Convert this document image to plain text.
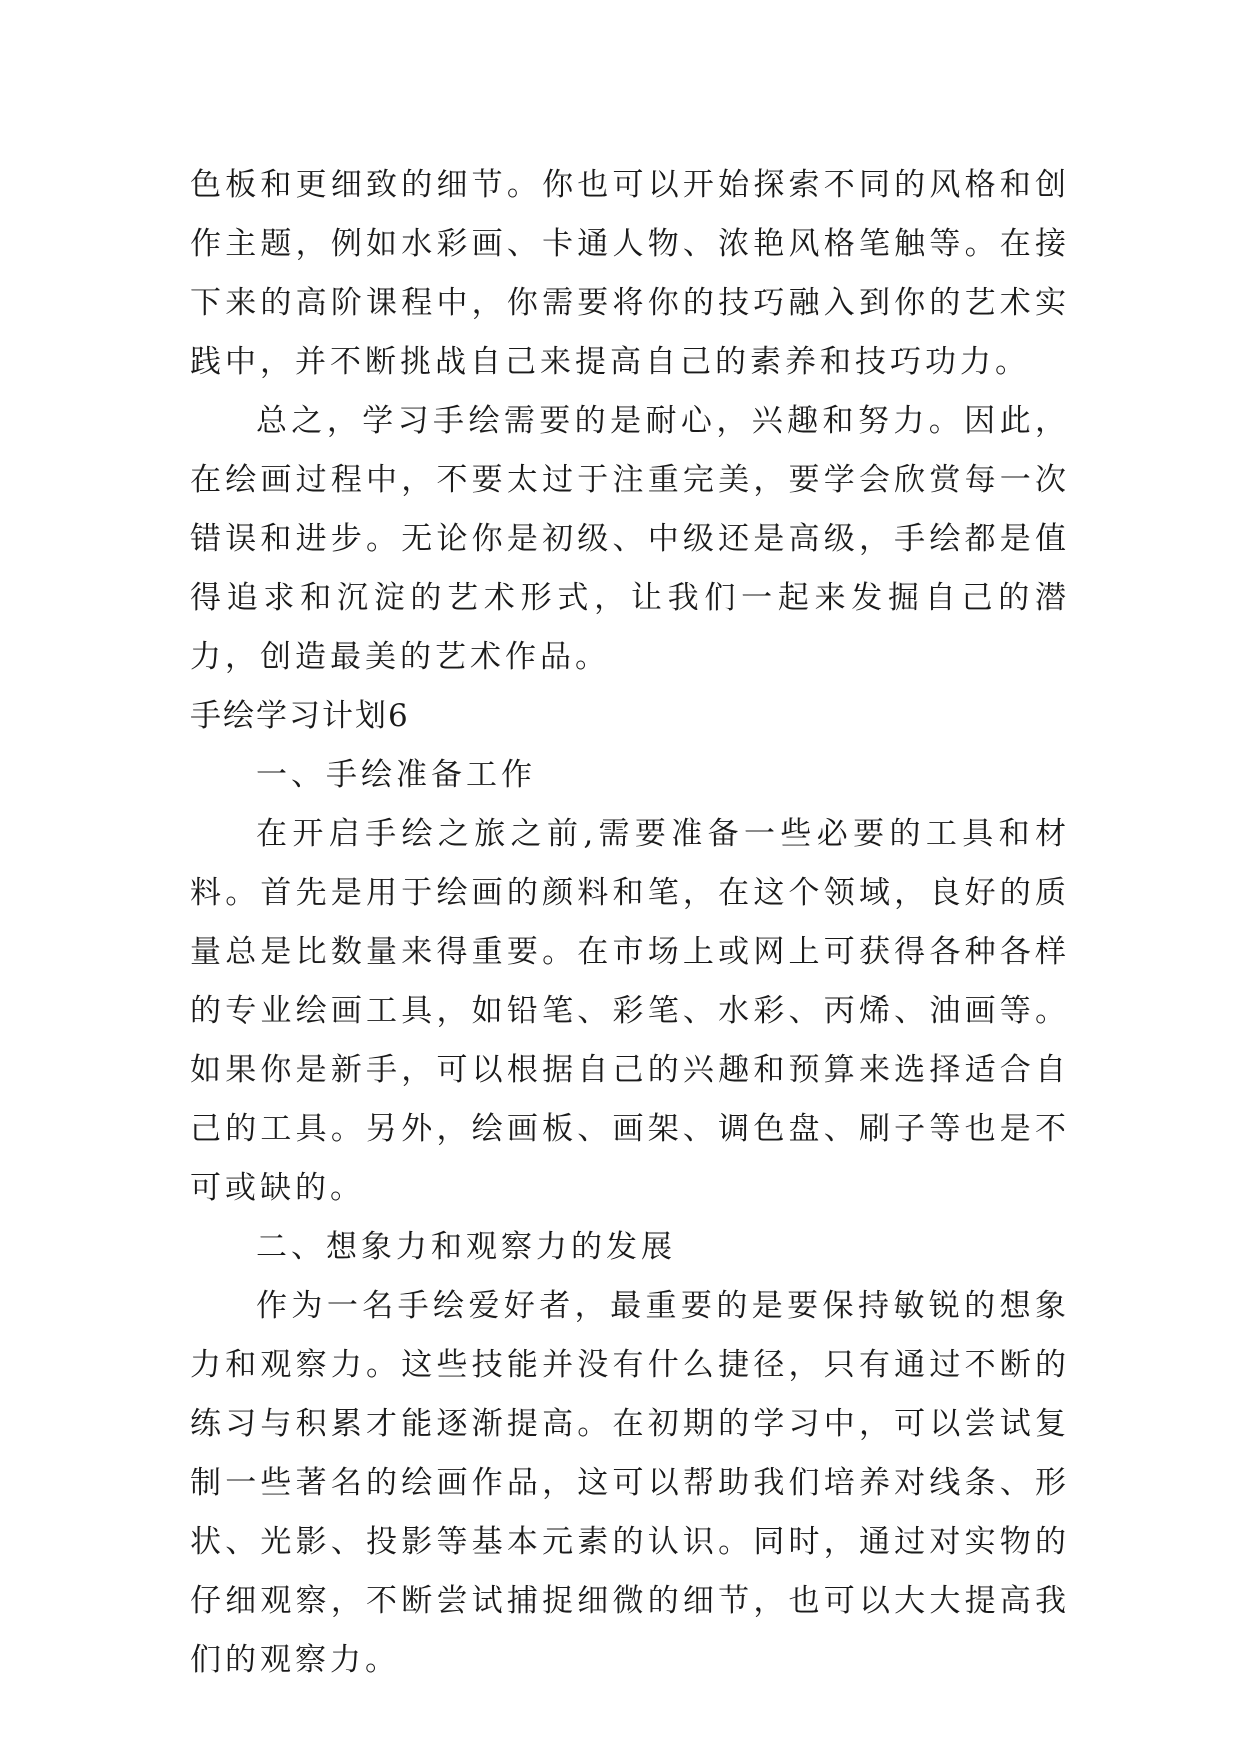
色板和更细致的细节。你也可以开始探索不同的风格和创作主题，例如水彩画、卡通人物、浓艳风格笔触等。在接下来的高阶课程中，你需要将你的技巧融入到你的艺术实践中，并不断挑战自己来提高自己的素养和技巧功力。

总之，学习手绘需要的是耐心，兴趣和努力。因此，在绘画过程中，不要太过于注重完美，要学会欣赏每一次错误和进步。无论你是初级、中级还是高级，手绘都是值得追求和沉淀的艺术形式，让我们一起来发掘自己的潜力，创造最美的艺术作品。

手绘学习计划6

一、手绘准备工作

在开启手绘之旅之前,需要准备一些必要的工具和材料。首先是用于绘画的颜料和笔，在这个领域，良好的质量总是比数量来得重要。在市场上或网上可获得各种各样的专业绘画工具，如铅笔、彩笔、水彩、丙烯、油画等。如果你是新手，可以根据自己的兴趣和预算来选择适合自己的工具。另外，绘画板、画架、调色盘、刷子等也是不可或缺的。

二、想象力和观察力的发展

作为一名手绘爱好者，最重要的是要保持敏锐的想象力和观察力。这些技能并没有什么捷径，只有通过不断的练习与积累才能逐渐提高。在初期的学习中，可以尝试复制一些著名的绘画作品，这可以帮助我们培养对线条、形状、光影、投影等基本元素的认识。同时，通过对实物的仔细观察，不断尝试捕捉细微的细节，也可以大大提高我们的观察力。
